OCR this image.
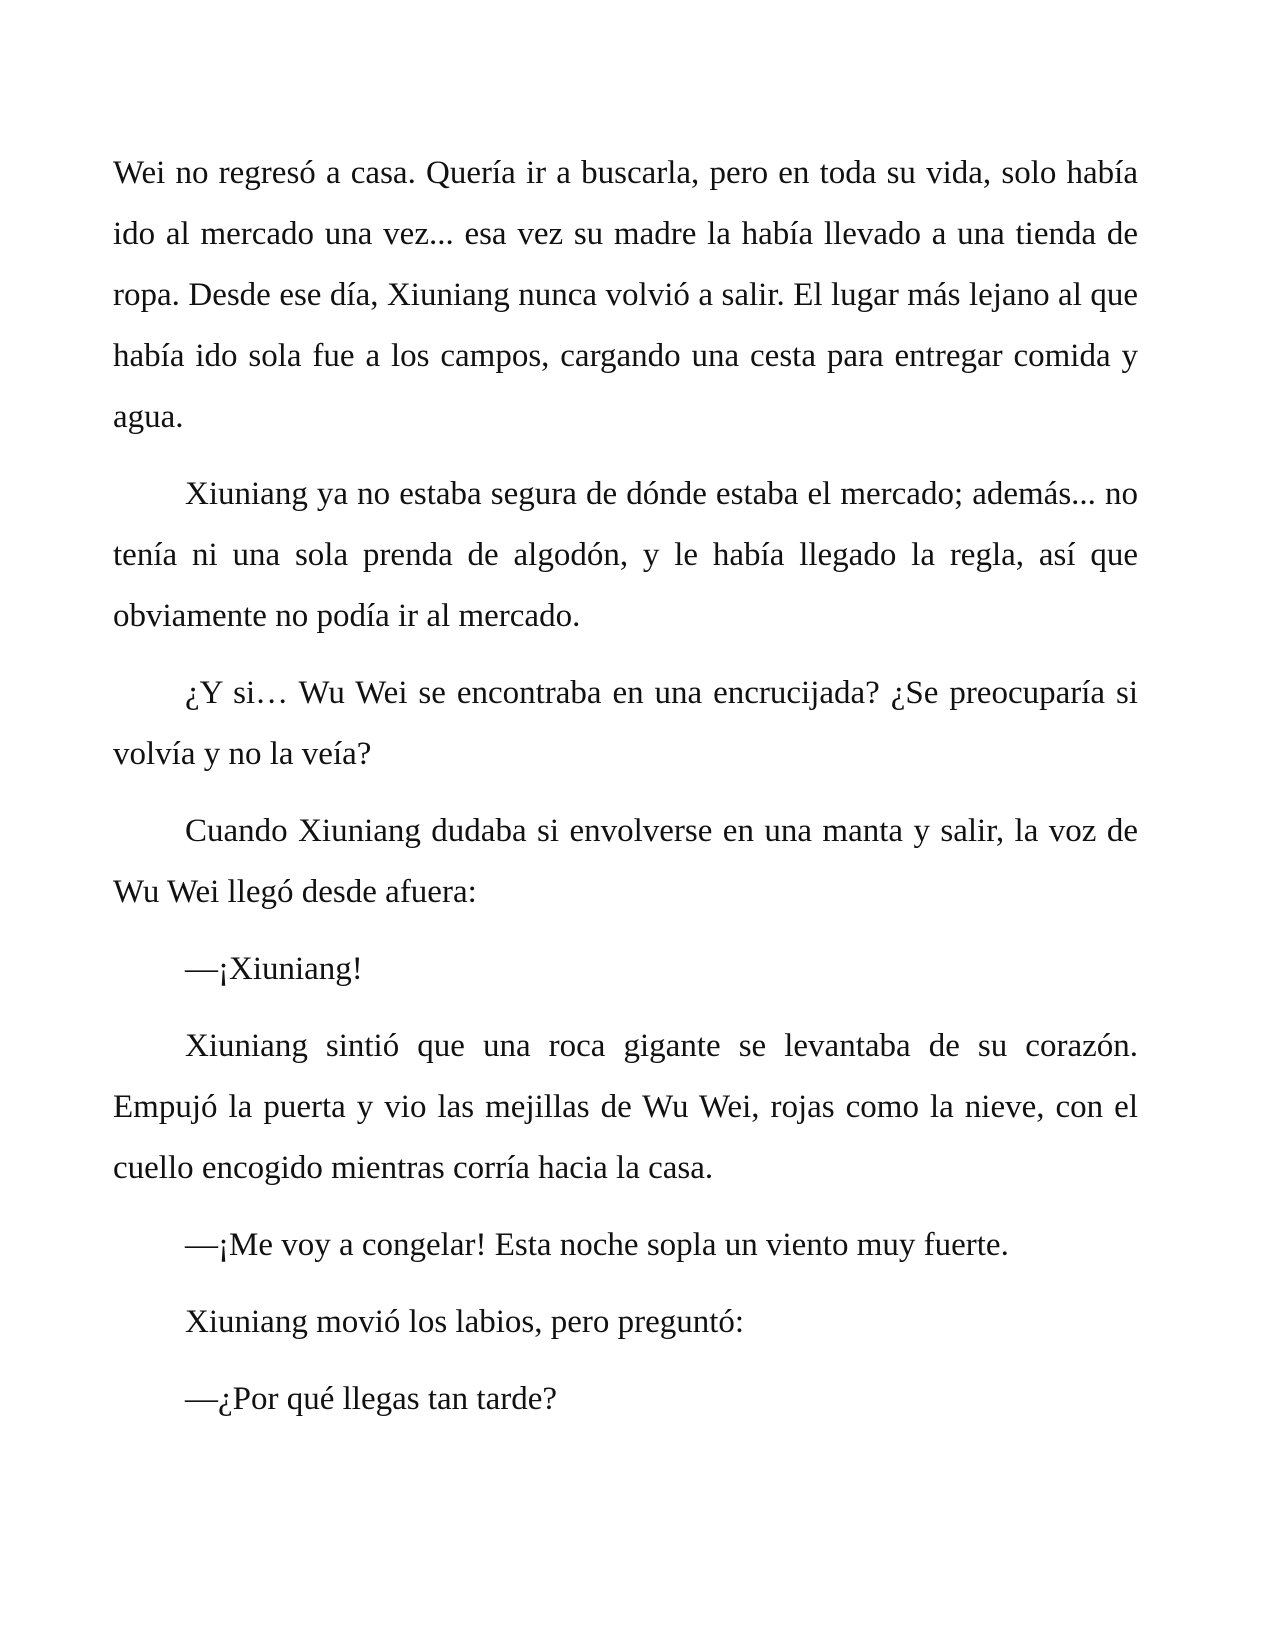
Wei no regresó a casa. Quería ir a buscarla, pero en toda su vida, solo había ido al mercado una vez... esa vez su madre la había llevado a una tienda de ropa. Desde ese día, Xiuniang nunca volvió a salir. El lugar más lejano al que había ido sola fue a los campos, cargando una cesta para entregar comida y agua.

Xiuniang ya no estaba segura de dónde estaba el mercado; además... no tenía ni una sola prenda de algodón, y le había llegado la regla, así que obviamente no podía ir al mercado.

¿Y si… Wu Wei se encontraba en una encrucijada? ¿Se preocuparía si volvía y no la veía?

Cuando Xiuniang dudaba si envolverse en una manta y salir, la voz de Wu Wei llegó desde afuera:

—¡Xiuniang!

Xiuniang sintió que una roca gigante se levantaba de su corazón. Empujó la puerta y vio las mejillas de Wu Wei, rojas como la nieve, con el cuello encogido mientras corría hacia la casa.

—¡Me voy a congelar! Esta noche sopla un viento muy fuerte.

Xiuniang movió los labios, pero preguntó:

—¿Por qué llegas tan tarde?
